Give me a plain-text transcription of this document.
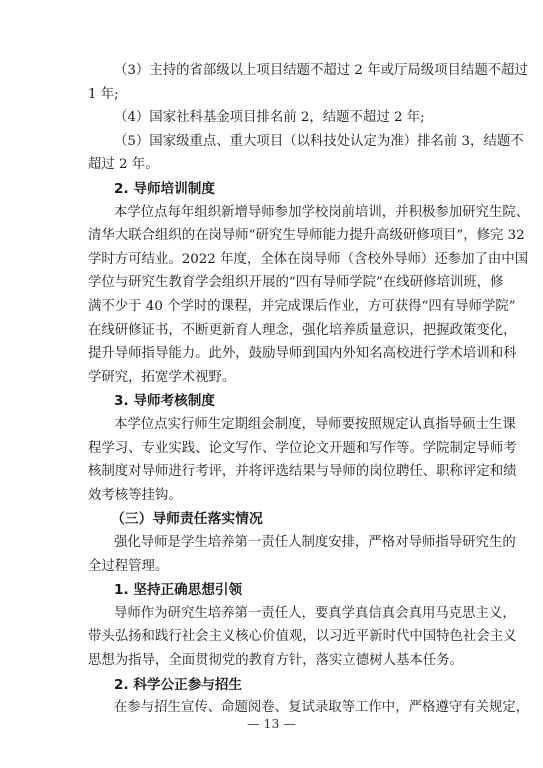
（3）主持的省部级以上项目结题不超过 2 年或厅局级项目结题不超过
1 年;
（4）国家社科基金项目排名前 2，结题不超过 2 年;
（5）国家级重点、重大项目（以科技处认定为准）排名前 3，结题不
超过 2 年。
2. 导师培训制度
本学位点每年组织新增导师参加学校岗前培训，并积极参加研究生院、
清华大联合组织的在岗导师“研究生导师能力提升高级研修项目”，修完 32
学时方可结业。2022 年度，全体在岗导师（含校外导师）还参加了由中国
学位与研究生教育学会组织开展的“四有导师学院”在线研修培训班，修
满不少于 40 个学时的课程，并完成课后作业，方可获得“四有导师学院”
在线研修证书，不断更新育人理念，强化培养质量意识，把握政策变化，
提升导师指导能力。此外，鼓励导师到国内外知名高校进行学术培训和科
学研究，拓宽学术视野。
3. 导师考核制度
本学位点实行师生定期组会制度，导师要按照规定认真指导硕士生课
程学习、专业实践、论文写作、学位论文开题和写作等。学院制定导师考
核制度对导师进行考评，并将评选结果与导师的岗位聘任、职称评定和绩
效考核等挂钩。
（三）导师责任落实情况
强化导师是学生培养第一责任人制度安排，严格对导师指导研究生的
全过程管理。
1. 坚持正确思想引领
导师作为研究生培养第一责任人，要真学真信真会真用马克思主义，
带头弘扬和践行社会主义核心价值观，以习近平新时代中国特色社会主义
思想为指导，全面贯彻党的教育方针，落实立德树人基本任务。
2. 科学公正参与招生
在参与招生宣传、命题阅卷、复试录取等工作中，严格遵守有关规定，
— 13 —
